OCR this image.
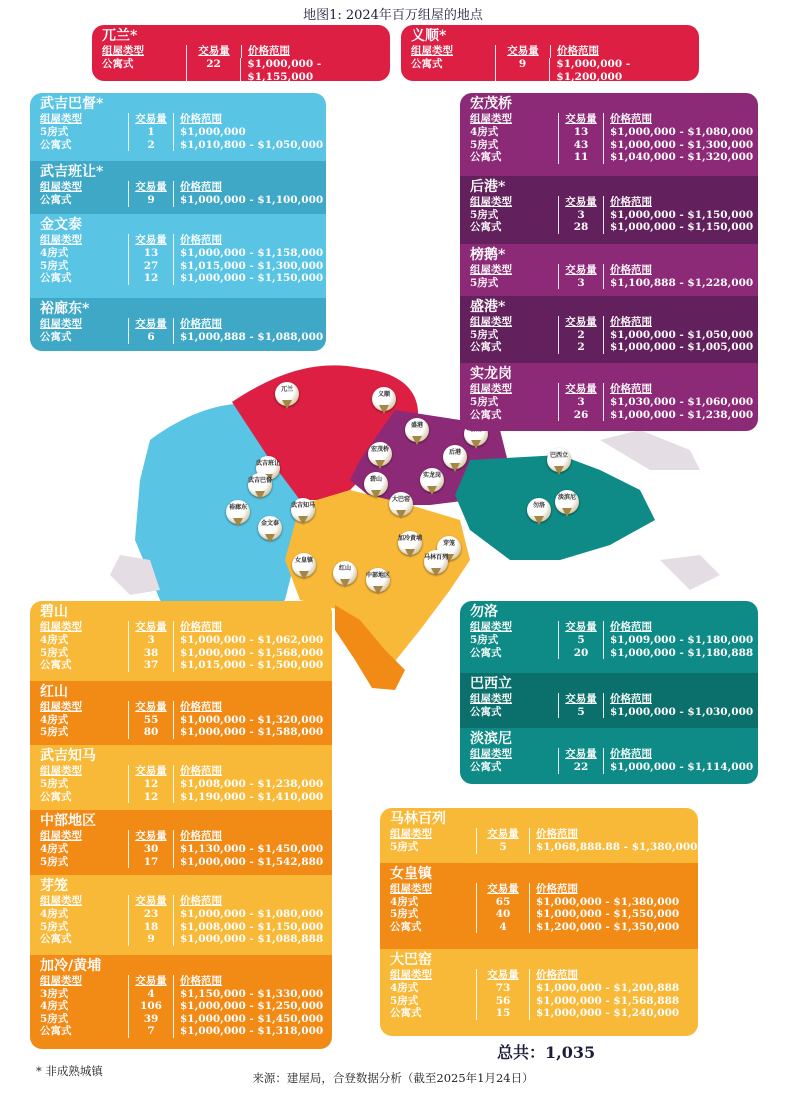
地图1: 2024年百万组屋的地点
兀兰
义顺
盛港
宏茂桥	后港	巴西立
武吉班让
武吉巴督	碧山
实龙岗
大巴窑	淡滨尼
勿洛
裕廊东	武吉知马
金文泰
加冷黄埔
芽笼
马林百列
女皇镇
红山
中部地区
兀兰*
组屋类型	交易量	价格范围
公寓式	22	$1,000,000 - $1,155,000
义顺*
组屋类型	交易量	价格范围
公寓式	9	$1,000,000 - $1,200,000
武吉巴督*
组屋类型	交易量	价格范围
5房式	1	$1,000,000
公寓式	2	$1,010,800 - $1,050,000
武吉班让*
组屋类型	交易量	价格范围
公寓式	9	$1,000,000 - $1,100,000
金文泰
组屋类型	交易量	价格范围
4房式	13	$1,000,000 - $1,158,000
5房式	27	$1,015,000 - $1,300,000
公寓式	12	$1,000,000 - $1,150,000
裕廊东*
组屋类型	交易量	价格范围
公寓式	6	$1,000,888 - $1,088,000
宏茂桥
组屋类型	交易量	价格范围
4房式	13	$1,000,000 - $1,080,000
5房式	43	$1,000,000 - $1,300,000
公寓式	11	$1,040,000 - $1,320,000
后港*
组屋类型	交易量	价格范围
5房式	3	$1,000,000 - $1,150,000
公寓式	28	$1,000,000 - $1,150,000
榜鹅*
组屋类型	交易量	价格范围
5房式	3	$1,100,888 - $1,228,000
盛港*
组屋类型	交易量	价格范围
5房式	2	$1,000,000 - $1,050,000
公寓式	2	$1,000,000 - $1,005,000
实龙岗
组屋类型	交易量	价格范围
5房式	3	$1,030,000 - $1,060,000
公寓式	26	$1,000,000 - $1,238,000
勿洛
组屋类型	交易量	价格范围
5房式	5	$1,009,000 - $1,180,000
公寓式	20	$1,000,000 - $1,180,888
巴西立
组屋类型	交易量	价格范围
公寓式	5	$1,000,000 - $1,030,000
淡滨尼
组屋类型	交易量	价格范围
公寓式	22	$1,000,000 - $1,114,000
碧山
组屋类型	交易量	价格范围
4房式	3	$1,000,000 - $1,062,000
5房式	38	$1,000,000 - $1,568,000
公寓式	37	$1,015,000 - $1,500,000
红山
组屋类型	交易量	价格范围
4房式	55	$1,000,000 - $1,320,000
5房式	80	$1,000,000 - $1,588,000
武吉知马
组屋类型	交易量	价格范围
5房式	12	$1,008,000 - $1,238,000
公寓式	12	$1,190,000 - $1,410,000
中部地区
组屋类型	交易量	价格范围
4房式	30	$1,130,000 - $1,450,000
5房式	17	$1,000,000 - $1,542,880
芽笼
组屋类型	交易量	价格范围
4房式	23	$1,000,000 - $1,080,000
5房式	18	$1,008,000 - $1,150,000
公寓式	9	$1,000,000 - $1,088,888
加冷/黄埔
组屋类型	交易量	价格范围
3房式	4	$1,150,000 - $1,330,000
4房式	106	$1,000,000 - $1,250,000
5房式	39	$1,000,000 - $1,450,000
公寓式	7	$1,000,000 - $1,318,000
马林百列
组屋类型	交易量	价格范围
5房式	5	$1,068,888.88 - $1,380,000
女皇镇
组屋类型	交易量	价格范围
4房式	65	$1,000,000 - $1,380,000
5房式	40	$1,000,000 - $1,550,000
公寓式	4	$1,200,000 - $1,350,000
大巴窑
组屋类型	交易量	价格范围
4房式	73	$1,000,000 - $1,200,888
5房式	56	$1,000,000 - $1,568,888
公寓式	15	$1,000,000 - $1,240,000
总共：1,035
* 非成熟城镇	来源：建屋局，合登数据分析（截至2025年1月24日）
